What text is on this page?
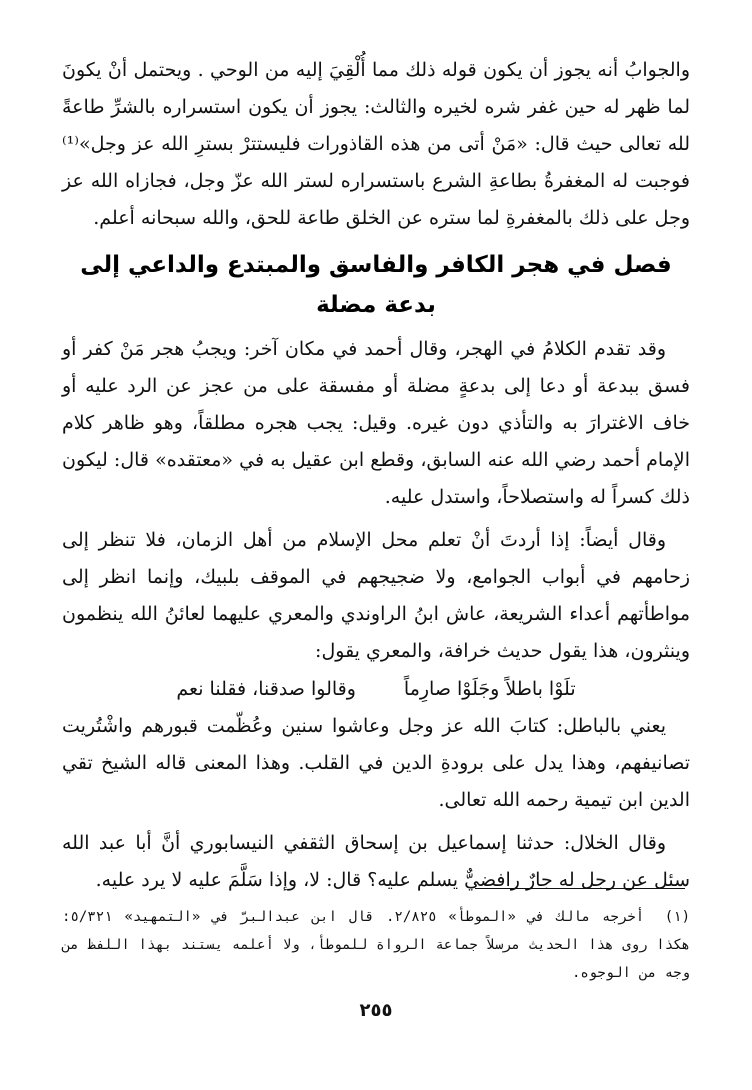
والجوابُ أنه يجوز أن يكون قوله ذلك مما أُلْقِيَ إليه من الوحي . ويحتمل أنْ يكونَ لما ظهر له حين غفر شره لخيره والثالث: يجوز أن يكون استسراره بالشرِّ طاعةً لله تعالى حيث قال: «مَنْ أتى من هذه القاذورات فليستترْ بسترِ الله عز وجل»⁽¹⁾ فوجبت له المغفرةُ بطاعةِ الشرع باستسراره لستر الله عزّ وجل، فجازاه الله عز وجل على ذلك بالمغفرةِ لما ستره عن الخلق طاعة للحق، والله سبحانه أعلم.

فصل في هجر الكافر والفاسق والمبتدع والداعي إلى بدعة مضلة

وقد تقدم الكلامُ في الهجر، وقال أحمد في مكان آخر: ويجبُ هجر مَنْ كفر أو فسق ببدعة أو دعا إلى بدعةٍ مضلة أو مفسقة على من عجز عن الرد عليه أو خاف الاغترارَ به والتأذي دون غيره. وقيل: يجب هجره مطلقاً، وهو ظاهر كلام الإمام أحمد رضي الله عنه السابق، وقطع ابن عقيل به في «معتقده» قال: ليكون ذلك كسراً له واستصلاحاً، واستدل عليه.

وقال أيضاً: إذا أردتَ أنْ تعلم محل الإسلام من أهل الزمان، فلا تنظر إلى زحامهم في أبواب الجوامع، ولا ضجيجهم في الموقف بلبيك، وإنما انظر إلى مواطأتهم أعداء الشريعة، عاش ابنُ الراوندي والمعري عليهما لعائنُ الله ينظمون وينثرون، هذا يقول حديث خرافة، والمعري يقول:

تلَوْا باطلاً وجَلَوْا صارِماً
وقالوا صدقنا، فقلنا نعم

يعني بالباطل: كتابَ الله عز وجل وعاشوا سنين وعُظّمت قبورهم واشْتُريت تصانيفهم، وهذا يدل على برودةِ الدين في القلب. وهذا المعنى قاله الشيخ تقي الدين ابن تيمية رحمه الله تعالى.

وقال الخلال: حدثنا إسماعيل بن إسحاق الثقفي النيسابوري أنَّ أبا عبد الله سئل عن رجل له جارٌ رافضيٌّ يسلم عليه؟ قال: لا، وإذا سَلَّمَ عليه لا يرد عليه.

(١) أخرجه مالك في «الموطأ» ٢/٨٢٥. قال ابن عبدالبرّ في «التمهيد» ٥/٣٢١: هكذا روى هذا الحديث مرسلاً جماعة الرواة للموطأ، ولا أعلمه يستند بهذا اللفظ من وجه من الوجوه.
٢٥٥
